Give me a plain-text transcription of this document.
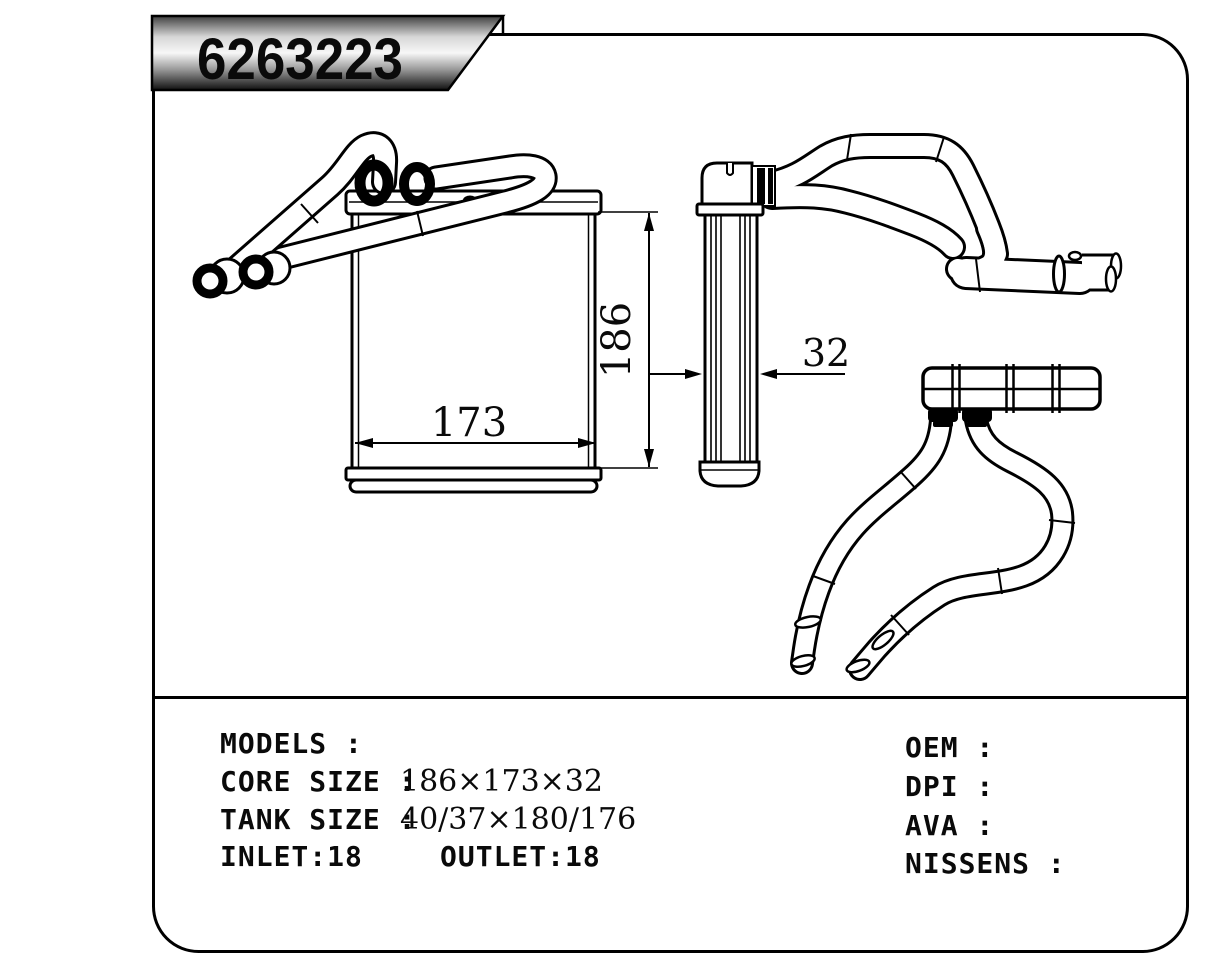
173
186	32
6263223
MODELS :
CORE SIZE :
186×173×32
TANK SIZE :
40/37×180/176
INLET:18	OUTLET:18
OEM :
DPI :
AVA :
NISSENS :
